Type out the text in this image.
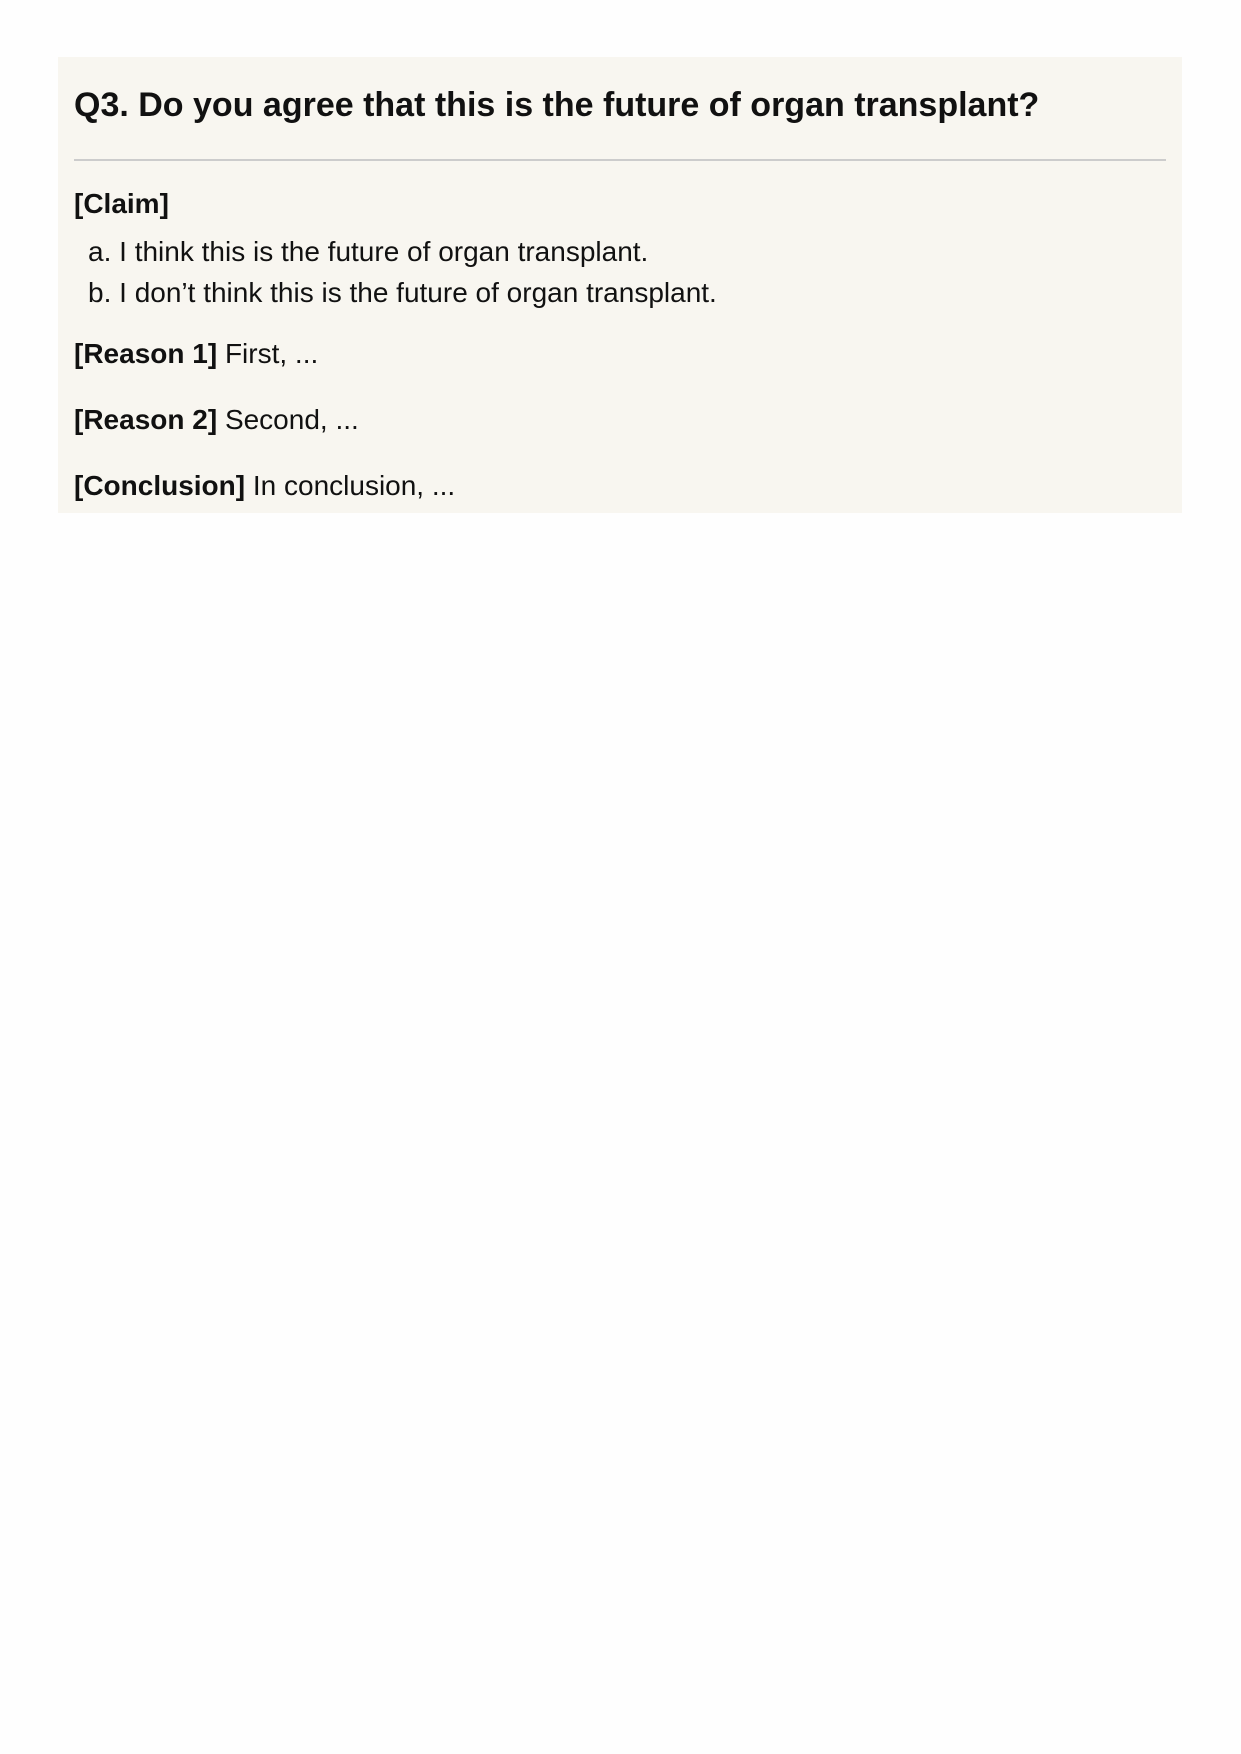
Q3. Do you agree that this is the future of organ transplant?
[Claim]
a. I think this is the future of organ transplant.
b. I don’t think this is the future of organ transplant.
[Reason 1] First, ...
[Reason 2] Second, ...
[Conclusion] In conclusion, ...
